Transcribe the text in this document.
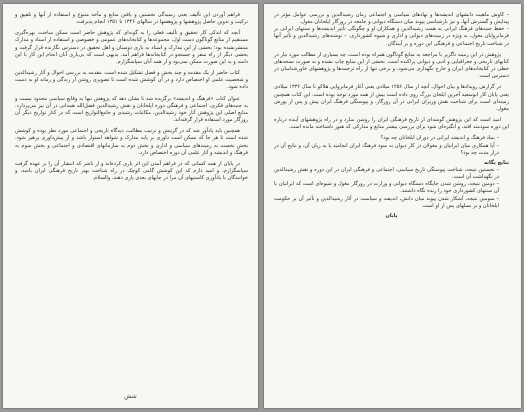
فراهم آوردن این تألیف یعنی رسیدگی نخستین و یافتن منابع و مآخذ متنوع و استفاده از آنها و تلفیق و ترکیب و تدوین حاصل پژوهشها و پژوهشها در سالهای ۱۳۴۶ تا ۱۳۵۱ انجام پذیرفت.

آنچه که اندکی کار تحقیق و تألیف فعلی را به گونه‌ای که پژوهش حاضر است ممکن ساخت، بهره‌گیری مستقیم از منابع گوناگون دست اول، مجموعه‌ها و کتابخانه‌های عمومی و خصوصی و استفاده از اسناد و مدارک منتشرنشده بود؛ بخشی از این مدارک و اسناد به یاری دوستان و اهل تحقیق در دسترس نگارنده قرار گرفت و بخشی دیگر از راه سفر و جستجو در کتابخانه‌ها فراهم آمد. بدیهی است که بی‌یاری آنان انجام این کار با این دامنه و به این صورت ممکن نمی‌بود و از همه آنان سپاسگزارم.

کتاب حاضر از یک مقدمه و چند بخش و فصل تشکیل شده است. مقدمه به بررسی احوال و آثار رشیدالدین و شخصیت علمی او اختصاص دارد و در آن کوشش شده است تا تصویری روشن از زندگی و زمانه او به دست داده شود.

عنوان کتاب «فرهنگ و اندیشه» برگزیده شد تا نشان دهد که پژوهش تنها به وقایع سیاسی محدود نیست و به جنبه‌های فکری، اجتماعی و فرهنگی دوره ایلخانان و نقش رشیدالدین فضل‌الله همدانی در آن نیز می‌پردازد. منابع اصلی این پژوهش آثار خود رشیدالدین، مکاتبات رشیدی و جامع‌التواریخ است که در کنار تواریخ دیگر آن روزگار مورد استفاده قرار گرفته‌اند.

همچنین باید یادآور شد که در گزینش و ترتیب مطالب، دیدگاه تاریخی و اجتماعی مورد نظر بوده و کوشش شده است تا هر جا که ممکن است داوری بر پایه مدارک و شواهد استوار باشد و از پیش‌داوری پرهیز شود. بخش نخست به زمینه‌های سیاسی و اداری و بخش دوم به سازمانهای اقتصادی و اجتماعی و بخش سوم به فرهنگ و اندیشه و آثار علمی آن دوره اختصاص دارد.

در پایان از همه کسانی که در فراهم آمدن این اثر یاری کرده‌اند و از ناشر که انتشار آن را بر عهده گرفت سپاسگزارم، و امید دارم که این کوشش گامی کوچک در راه شناخت بهتر تاریخ فرهنگی ایران باشد، و خوانندگان با یادآوری کاستیهای آن مرا در چاپهای بعدی یاری دهند، والسلام.

شش

– کاوش ماهیت دانشهای اندیشه‌ها و نهادهای سیاسی و اجتماعی زمان رشیدالدین و بررسی عوامل مؤثر در پیدایش و گسترش آنها، و نیز بازشناسی پیوند میان دستگاه دیوانی و جامعه در روزگار ایلخانان مغول.

– حفظ جنبه‌های فرهنگ ایرانی به همت رشیدالدین و همکاران او و چگونگی تأثیر اندیشه‌ها و سنتهای ایرانی بر فرمانروایان مغول، به ویژه در زمینه‌های دیوانی و اداری و شیوه کشورداری. – نوشته‌های رشیدالدین و تأثیر آنها در شناخت تاریخ اجتماعی و فرهنگی این دوره و بر آیندگان.

پژوهش در این زمینه ناگزیر با مراجعه به منابع گوناگون همراه بوده است، چه بسیاری از مطالب مورد نیاز در کتابهای تاریخی و جغرافیایی و ادبی و دیوانی پراکنده است. بخشی از این منابع چاپ نشده و به صورت نسخه‌های خطی در کتابخانه‌های ایران و خارج نگهداری می‌شود، و برخی تنها از راه ترجمه‌ها و پژوهشهای خاورشناسان در دسترس است.

در گزارش رویدادها و بیان احوال، آنچه از سال ۱۲۵۶ میلادی یعنی آغاز فرمانروایی هلاکو تا سال ۱۳۳۶ میلادی یعنی پایان کار ابوسعید آخرین ایلخان بزرگ روی داده است بیش از همه مورد توجه بوده است. این کتاب همچنین زمینه‌ای است برای شناخت نقش وزیران ایرانی در آن روزگار، و پیوستگی فرهنگ ایران پیش و پس از یورش مغول.

امید است که این پژوهش گوشه‌ای از تاریخ فرهنگی ایران را روشن سازد و در راه پژوهشهای آینده درباره این دوره سودمند افتد، و انگیزه‌ای شود برای بررسی بیشتر منابع و مدارکی که هنوز ناشناخته مانده است.

– بنیاد فرهنگ و اندیشه ایرانی در دوران ایلخانان چه بود؟

– آیا همکاری میان ایرانیان و مغولان در کار دیوان به سود فرهنگ ایران انجامید یا به زیان آن، و نتایج آن در دراز مدت چه بود؟

نتایج یگانه

– نخستین نتیجه، شناخت پیوستگی تاریخ سیاسی، اجتماعی و فرهنگی ایران در این دوره و نقش رشیدالدین در نگهداشت آن است.

– دومین نتیجه، روشن شدن جایگاه دستگاه دیوانی و وزارت در روزگار مغول و شیوه‌ای است که ایرانیان با آن سنتهای کشورداری خود را زنده نگاه داشتند.

– سومین نتیجه، آشکار شدن پیوند میان دانش، اندیشه و سیاست در آثار رشیدالدین و تأثیر آن بر حکومت ایلخانان و بر نسلهای پس از او است.

پایان
